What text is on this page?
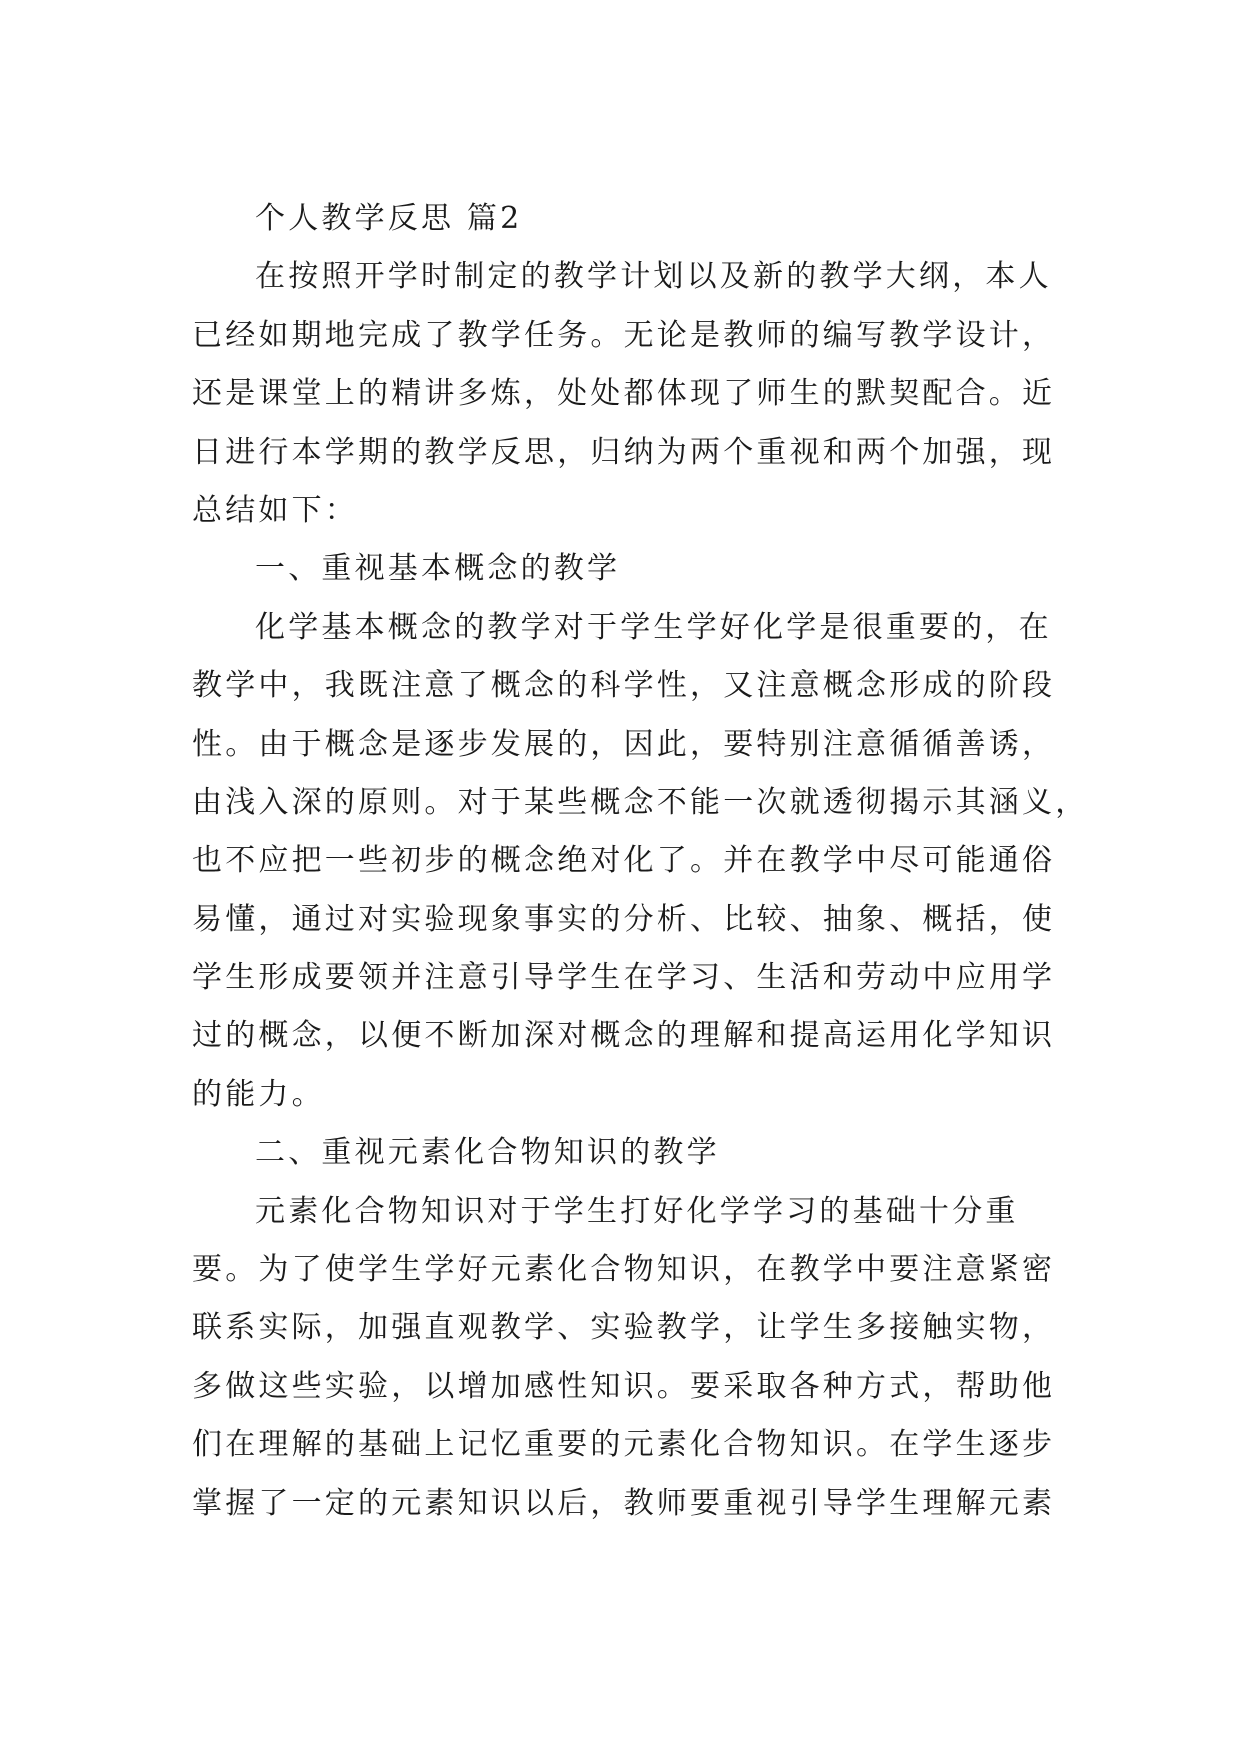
个人教学反思 篇2
在按照开学时制定的教学计划以及新的教学大纲，本人
已经如期地完成了教学任务。无论是教师的编写教学设计，
还是课堂上的精讲多炼，处处都体现了师生的默契配合。近
日进行本学期的教学反思，归纳为两个重视和两个加强，现
总结如下：
一、重视基本概念的教学
化学基本概念的教学对于学生学好化学是很重要的，在
教学中，我既注意了概念的科学性，又注意概念形成的阶段
性。由于概念是逐步发展的，因此，要特别注意循循善诱，
由浅入深的原则。对于某些概念不能一次就透彻揭示其涵义，
也不应把一些初步的概念绝对化了。并在教学中尽可能通俗
易懂，通过对实验现象事实的分析、比较、抽象、概括，使
学生形成要领并注意引导学生在学习、生活和劳动中应用学
过的概念，以便不断加深对概念的理解和提高运用化学知识
的能力。
二、重视元素化合物知识的教学
元素化合物知识对于学生打好化学学习的基础十分重
要。为了使学生学好元素化合物知识，在教学中要注意紧密
联系实际，加强直观教学、实验教学，让学生多接触实物，
多做这些实验，以增加感性知识。要采取各种方式，帮助他
们在理解的基础上记忆重要的元素化合物知识。在学生逐步
掌握了一定的元素知识以后，教师要重视引导学生理解元素
